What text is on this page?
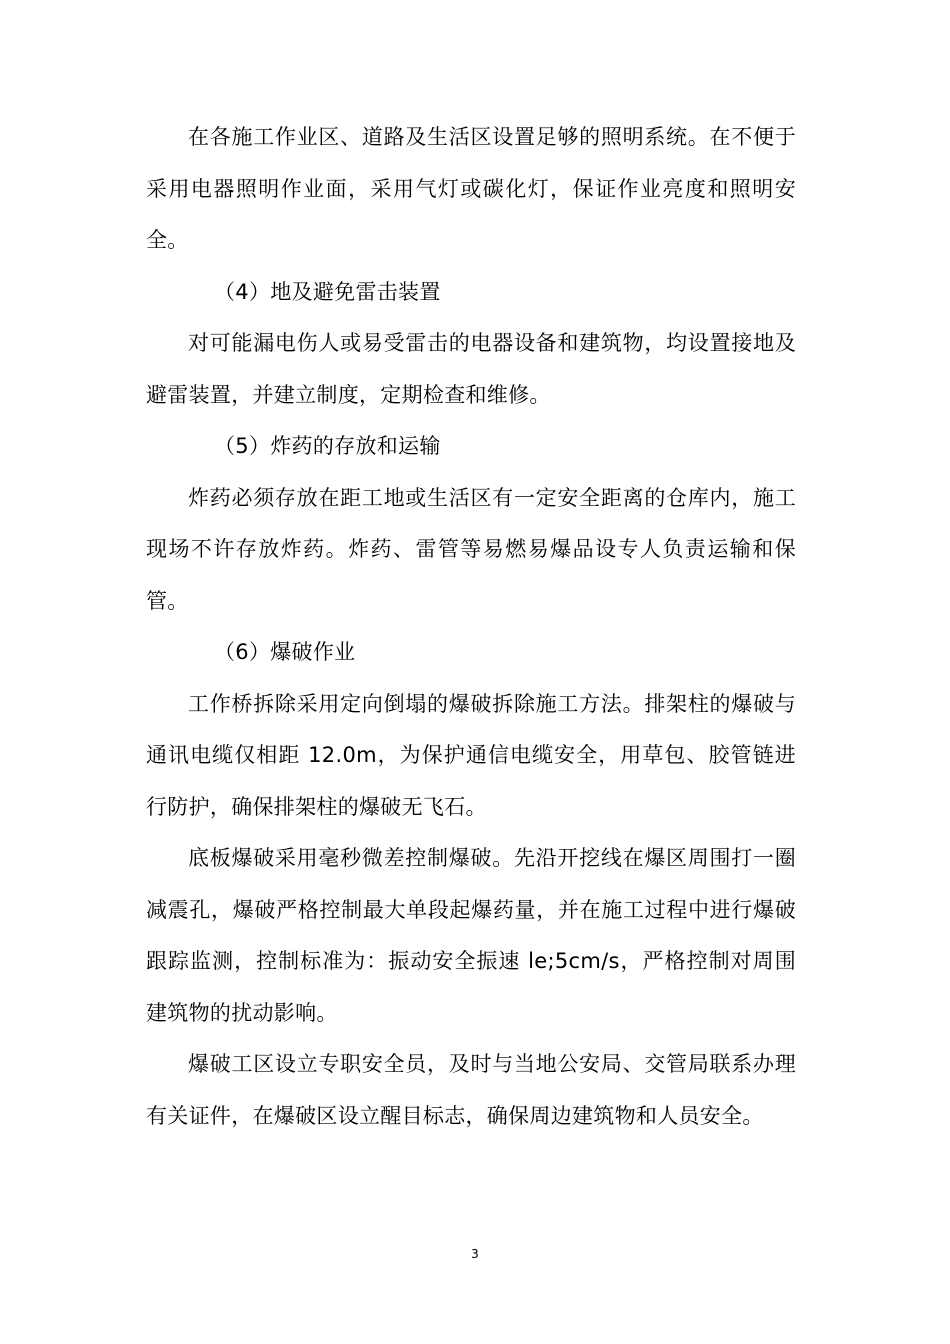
在各施工作业区、道路及生活区设置足够的照明系统。在不便于采用电器照明作业面，采用气灯或碳化灯，保证作业亮度和照明安全。

（4）地及避免雷击装置

对可能漏电伤人或易受雷击的电器设备和建筑物，均设置接地及避雷装置，并建立制度，定期检查和维修。

（5）炸药的存放和运输

炸药必须存放在距工地或生活区有一定安全距离的仓库内，施工现场不许存放炸药。炸药、雷管等易燃易爆品设专人负责运输和保管。

（6）爆破作业

工作桥拆除采用定向倒塌的爆破拆除施工方法。排架柱的爆破与通讯电缆仅相距 12.0m，为保护通信电缆安全，用草包、胶管链进行防护，确保排架柱的爆破无飞石。

底板爆破采用毫秒微差控制爆破。先沿开挖线在爆区周围打一圈减震孔，爆破严格控制最大单段起爆药量，并在施工过程中进行爆破跟踪监测，控制标准为：振动安全振速 le;5cm/s，严格控制对周围建筑物的扰动影响。

爆破工区设立专职安全员，及时与当地公安局、交管局联系办理有关证件，在爆破区设立醒目标志，确保周边建筑物和人员安全。

3
